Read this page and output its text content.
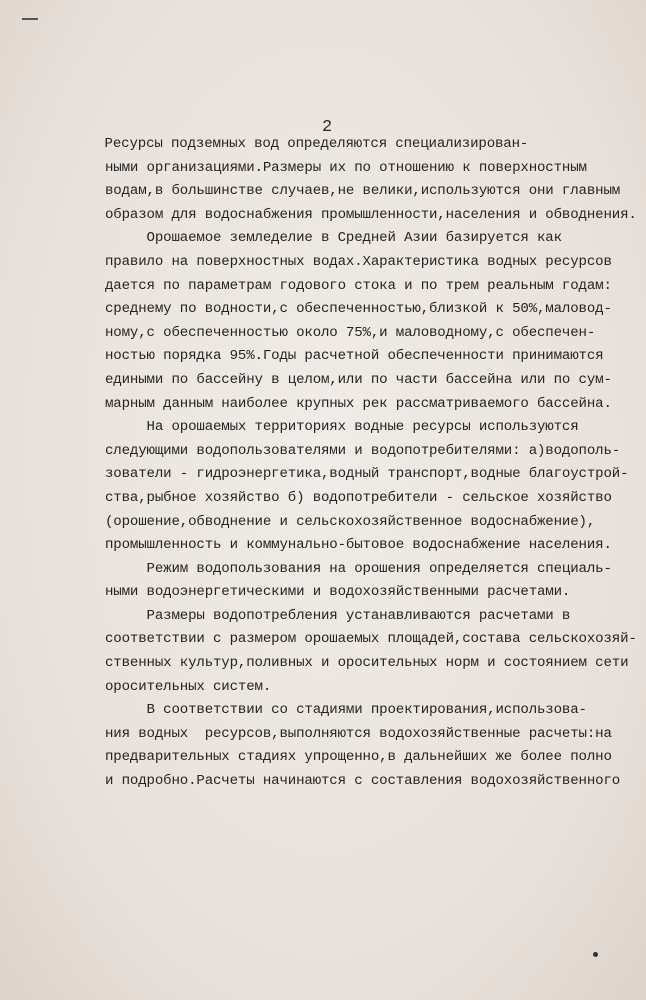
2
Ресурсы подземных вод определяются специализирован-
ными организациями.Размеры их по отношению к поверхностным
водам,в большинстве случаев,не велики,используются они главным
образом для водоснабжения промышленности,населения и обводнения.
Орошаемое земледелие в Средней Азии базируется как
правило на поверхностных водах.Характеристика водных ресурсов
дается по параметрам годового стока и по трем реальным годам:
среднему по водности,с обеспеченностью,близкой к 50%,маловод-
ному,с обеспеченностью около 75%,и маловодному,с обеспечен-
ностью порядка 95%.Годы расчетной обеспеченности принимаются
едиными по бассейну в целом,или по части бассейна или по сум-
марным данным наиболее крупных рек рассматриваемого бассейна.
На орошаемых территориях водные ресурсы используются
следующими водопользователями и водопотребителями: а)водополь-
зователи - гидроэнергетика,водный транспорт,водные благоустрой-
ства,рыбное хозяйство б) водопотребители - сельское хозяйство
(орошение,обводнение и сельскохозяйственное водоснабжение),
промышленность и коммунально-бытовое водоснабжение населения.
Режим водопользования на орошения определяется специаль-
ными водоэнергетическими и водохозяйственными расчетами.
Размеры водопотребления устанавливаются расчетами в
соответствии с размером орошаемых площадей,состава сельскохозяй-
ственных культур,поливных и оросительных норм и состоянием сети
оросительных систем.
В соответствии со стадиями проектирования,использова-
ния водных  ресурсов,выполняются водохозяйственные расчеты:на
предварительных стадиях упрощенно,в дальнейших же более полно
и подробно.Расчеты начинаются с составления водохозяйственного
